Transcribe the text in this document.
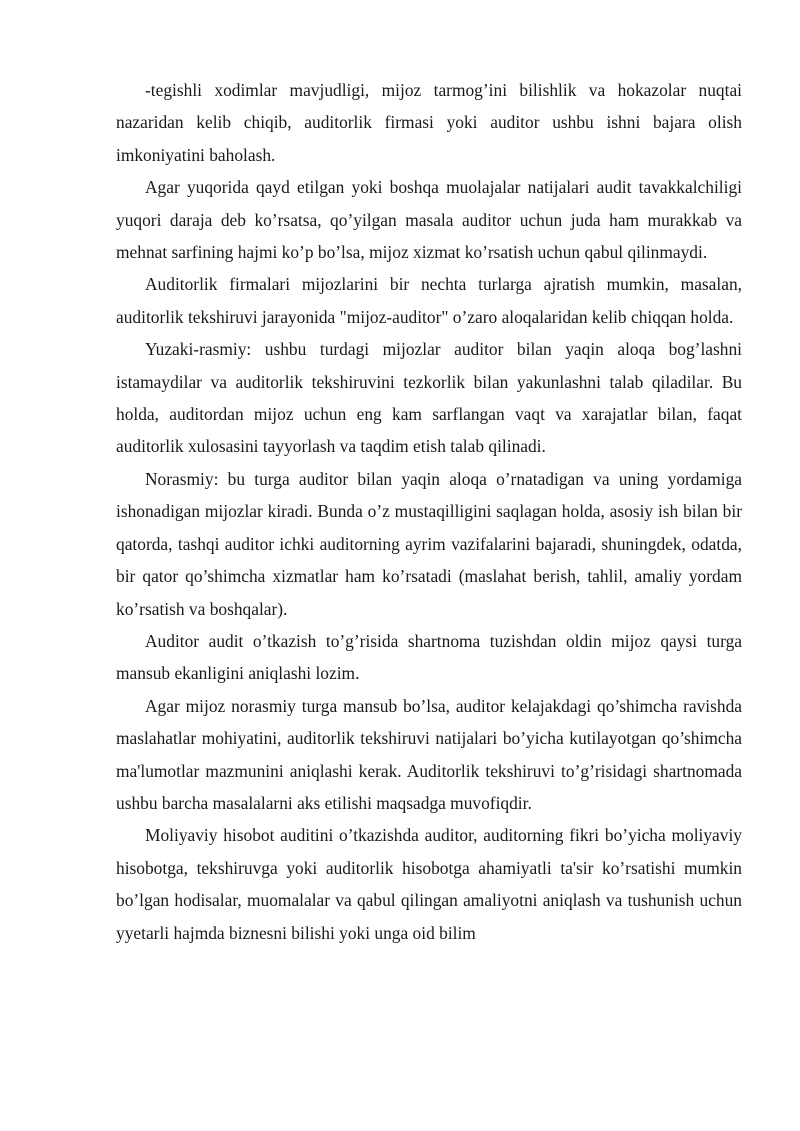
-tegishli xodimlar mavjudligi, mijoz tarmog’ini bilishlik va hokazolar nuqtai nazaridan kelib chiqib, auditorlik firmasi yoki auditor ushbu ishni bajara olish imkoniyatini baholash.

Agar yuqorida qayd etilgan yoki boshqa muolajalar natijalari audit tavakkalchiligi yuqori daraja deb ko’rsatsa, qo’yilgan masala auditor uchun juda ham murakkab va mehnat sarfining hajmi ko’p bo’lsa, mijoz xizmat ko’rsatish uchun qabul qilinmaydi.

Auditorlik firmalari mijozlarini bir nechta turlarga ajratish mumkin, masalan, auditorlik tekshiruvi jarayonida "mijoz-auditor" o’zaro aloqalaridan kelib chiqqan holda.

Yuzaki-rasmiy: ushbu turdagi mijozlar auditor bilan yaqin aloqa bog’lashni istamaydilar va auditorlik tekshiruvini tezkorlik bilan yakunlashni talab qiladilar. Bu holda, auditordan mijoz uchun eng kam sarflangan vaqt va xarajatlar bilan, faqat auditorlik xulosasini tayyorlash va taqdim etish talab qilinadi.

Norasmiy: bu turga auditor bilan yaqin aloqa o’rnatadigan va uning yordamiga ishonadigan mijozlar kiradi. Bunda o’z mustaqilligini saqlagan holda, asosiy ish bilan bir qatorda, tashqi auditor ichki auditorning ayrim vazifalarini bajaradi, shuningdek, odatda, bir qator qo’shimcha xizmatlar ham ko’rsatadi (maslahat berish, tahlil, amaliy yordam ko’rsatish va boshqalar).

Auditor audit o’tkazish to’g’risida shartnoma tuzishdan oldin mijoz qaysi turga mansub ekanligini aniqlashi lozim.

Agar mijoz norasmiy turga mansub bo’lsa, auditor kelajakdagi qo’shimcha ravishda maslahatlar mohiyatini, auditorlik tekshiruvi natijalari bo’yicha kutilayotgan qo’shimcha ma'lumotlar mazmunini aniqlashi kerak. Auditorlik tekshiruvi to’g’risidagi shartnomada ushbu barcha masalalarni aks etilishi maqsadga muvofiqdir.

Moliyaviy hisobot auditini o’tkazishda auditor, auditorning fikri bo’yicha moliyaviy hisobotga, tekshiruvga yoki auditorlik hisobotga ahamiyatli ta'sir ko’rsatishi mumkin bo’lgan hodisalar, muomalalar va qabul qilingan amaliyotni aniqlash va tushunish uchun yyetarli hajmda biznesni bilishi yoki unga oid bilim
